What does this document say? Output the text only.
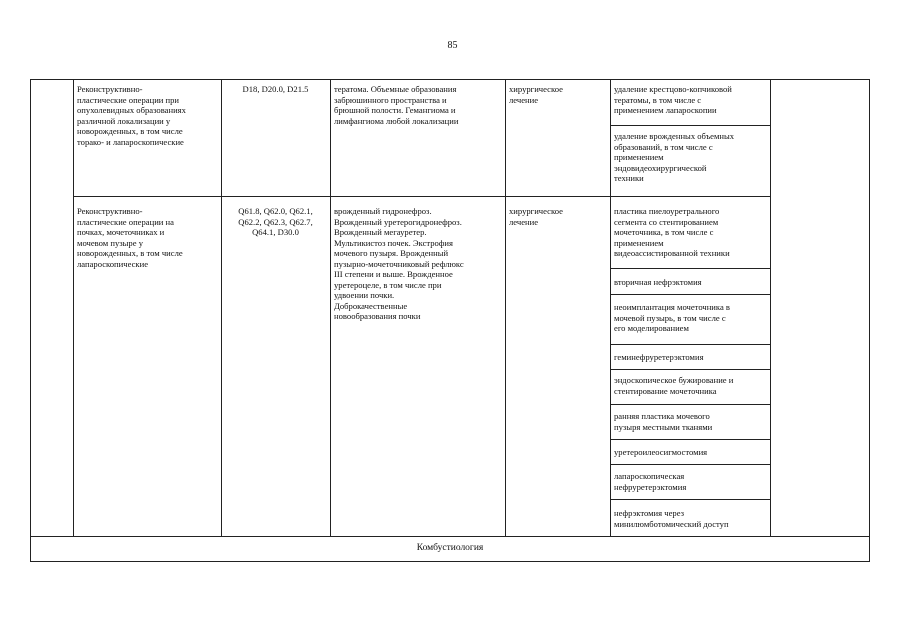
85
Реконструктивно-
пластические операции при
опухолевидных образованиях
различной локализации у
новорожденных, в том числе
торако- и лапароскопические
D18, D20.0, D21.5	тератома. Объемные образования
забрюшинного пространства и
брюшной полости. Гемангиома и
лимфангиома любой локализации
хирургическое
лечение
удаление крестцово-копчиковой
тератомы, в том числе с
применением лапароскопии
удаление врожденных объемных
образований, в том числе с
применением
эндовидеохирургической
техники
Реконструктивно-
пластические операции на
почках, мочеточниках и
мочевом пузыре у
новорожденных, в том числе
лапароскопические
Q61.8, Q62.0, Q62.1,
Q62.2, Q62.3, Q62.7,
Q64.1, D30.0
врожденный гидронефроз.
Врожденный уретерогидронефроз.
Врожденный мегауретер.
Мультикистоз почек. Экстрофия
мочевого пузыря. Врожденный
пузырно-мочеточниковый рефлюкс
III степени и выше. Врожденное
уретероцеле, в том числе при
удвоении почки.
Доброкачественные
новообразования почки
хирургическое
лечение
пластика пиелоуретрального
сегмента со стентированием
мочеточника, в том числе с
применением
видеоассистированной техники
вторичная нефрэктомия
неоимплантация мочеточника в
мочевой пузырь, в том числе с
его моделированием
геминефруретерэктомия
эндоскопическое бужирование и
стентирование мочеточника
ранняя пластика мочевого
пузыря местными тканями
уретероилеосигмостомия
лапароскопическая
нефруретерэктомия
нефрэктомия через
минилюмботомический доступ
Комбустиология
